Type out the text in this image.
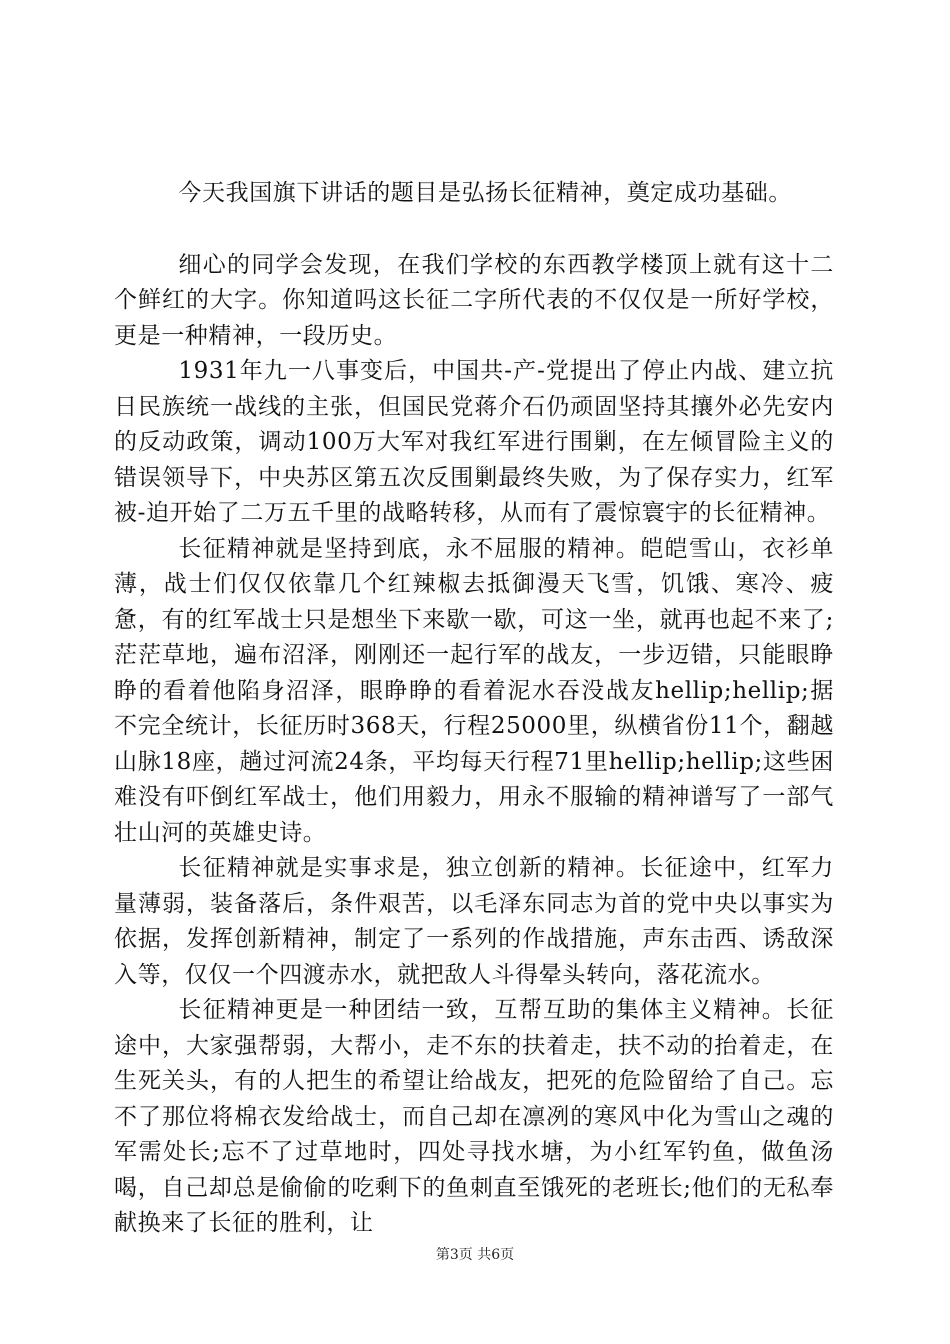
今天我国旗下讲话的题目是弘扬长征精神，奠定成功基础。

细心的同学会发现，在我们学校的东西教学楼顶上就有这十二个鲜红的大字。你知道吗这长征二字所代表的不仅仅是一所好学校，更是一种精神，一段历史。

1931年九一八事变后，中国共-产-党提出了停止内战、建立抗日民族统一战线的主张，但国民党蒋介石仍顽固坚持其攘外必先安内的反动政策，调动100万大军对我红军进行围剿，在左倾冒险主义的错误领导下，中央苏区第五次反围剿最终失败，为了保存实力，红军被-迫开始了二万五千里的战略转移，从而有了震惊寰宇的长征精神。

长征精神就是坚持到底，永不屈服的精神。皑皑雪山，衣衫单薄，战士们仅仅依靠几个红辣椒去抵御漫天飞雪，饥饿、寒冷、疲惫，有的红军战士只是想坐下来歇一歇，可这一坐，就再也起不来了;茫茫草地，遍布沼泽，刚刚还一起行军的战友，一步迈错，只能眼睁睁的看着他陷身沼泽，眼睁睁的看着泥水吞没战友hellip;hellip;据不完全统计，长征历时368天，行程25000里，纵横省份11个，翻越山脉18座，趟过河流24条，平均每天行程71里hellip;hellip;这些困难没有吓倒红军战士，他们用毅力，用永不服输的精神谱写了一部气壮山河的英雄史诗。

长征精神就是实事求是，独立创新的精神。长征途中，红军力量薄弱，装备落后，条件艰苦，以毛泽东同志为首的党中央以事实为依据，发挥创新精神，制定了一系列的作战措施，声东击西、诱敌深入等，仅仅一个四渡赤水，就把敌人斗得晕头转向，落花流水。

长征精神更是一种团结一致，互帮互助的集体主义精神。长征途中，大家强帮弱，大帮小，走不东的扶着走，扶不动的抬着走，在生死关头，有的人把生的希望让给战友，把死的危险留给了自己。忘不了那位将棉衣发给战士，而自己却在凛冽的寒风中化为雪山之魂的军需处长;忘不了过草地时，四处寻找水塘，为小红军钓鱼，做鱼汤喝，自己却总是偷偷的吃剩下的鱼刺直至饿死的老班长;他们的无私奉献换来了长征的胜利，让

第3页 共6页
